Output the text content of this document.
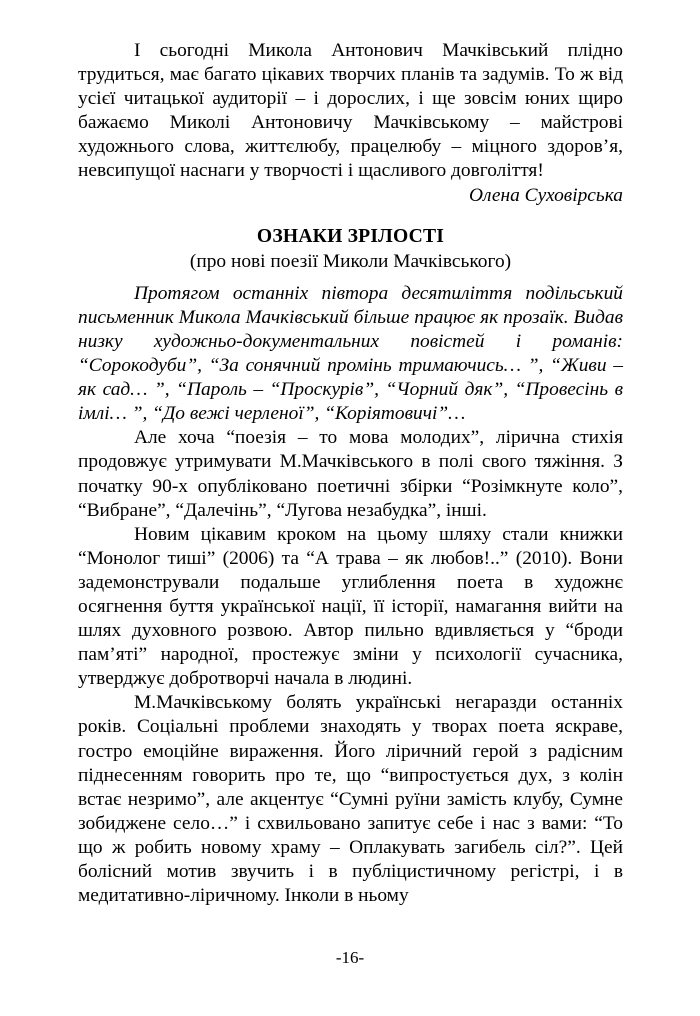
І сьогодні Микола Антонович Мачківський плідно трудиться, має багато цікавих творчих планів та задумів. То ж від усієї читацької аудиторії – і дорослих, і ще зовсім юних щиро бажаємо Миколі Антоновичу Мачківському – майстрові художнього слова, життєлюбу, працелюбу – міцного здоров’я, невсипущої наснаги у творчості і щасливого довголіття!

Олена Суховірська

ОЗНАКИ ЗРІЛОСТІ

(про нові поезії Миколи Мачківського)

Протягом останніх півтора десятиліття подільський письменник Микола Мачківський більше працює як прозаїк. Видав низку художньо-документальних повістей і романів: “Сорокодуби”, “За сонячний промінь тримаючись… ”, “Живи – як сад… ”, “Пароль – “Проскурів”, “Чорний дяк”, “Провесінь в імлі… ”, “До вежі черленої”, “Коріятовичі”…

Але хоча “поезія – то мова молодих”, лірична стихія продовжує утримувати М.Мачківського в полі свого тяжіння. З початку 90-х опубліковано поетичні збірки “Розімкнуте коло”, “Вибране”, “Далечінь”, “Лугова незабудка”, інші.

Новим цікавим кроком на цьому шляху стали книжки “Монолог тиші” (2006) та “А трава – як любов!..” (2010). Вони задемонстрували подальше углиблення поета в художнє осягнення буття української нації, її історії, намагання вийти на шлях духовного розвою. Автор пильно вдивляється у “броди пам’яті” народної, простежує зміни у психології сучасника, утверджує добротворчі начала в людині.

М.Мачківському болять українські негаразди останніх років. Соціальні проблеми знаходять у творах поета яскраве, гостро емоційне вираження. Його ліричний герой з радісним піднесенням говорить про те, що “випростується дух, з колін встає незримо”, але акцентує “Сумні руїни замість клубу, Сумне зобиджене село…” і схвильовано запитує себе і нас з вами: “То що ж робить новому храму – Оплакувать загибель сіл?”. Цей болісний мотив звучить і в публіцистичному регістрі, і в медитативно-ліричному. Інколи в ньому

-16-
